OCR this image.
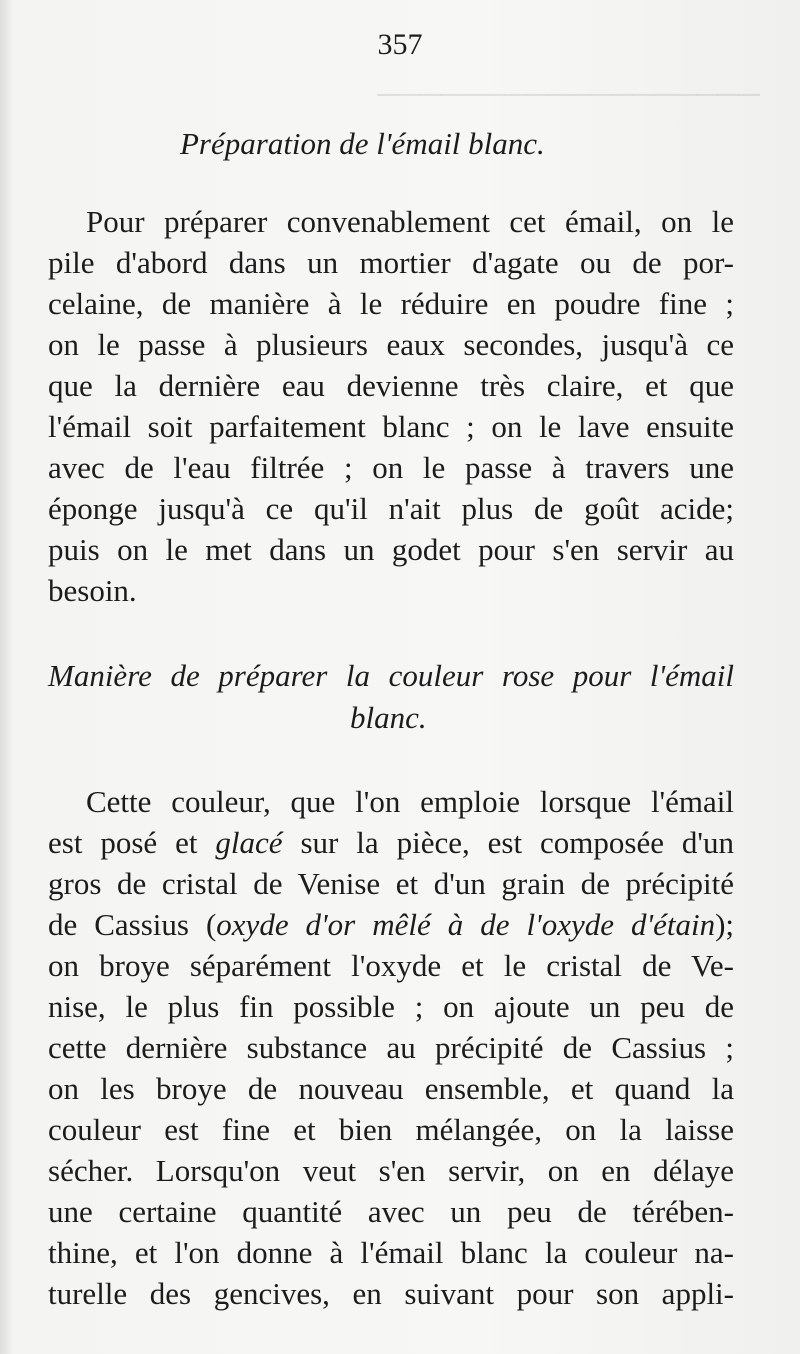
──────────────────
357
Préparation de l'émail blanc.
Pour préparer convenablement cet émail, on le
pile d'abord dans un mortier d'agate ou de por-
celaine, de manière à le réduire en poudre fine ;
on le passe à plusieurs eaux secondes, jusqu'à ce
que la dernière eau devienne très claire, et que
l'émail soit parfaitement blanc ; on le lave ensuite
avec de l'eau filtrée ; on le passe à travers une
éponge jusqu'à ce qu'il n'ait plus de goût acide;
puis on le met dans un godet pour s'en servir au
besoin.
Manière de préparer la couleur rose pour l'émail
blanc.
Cette couleur, que l'on emploie lorsque l'émail
est posé et glacé sur la pièce, est composée d'un
gros de cristal de Venise et d'un grain de précipité
de Cassius (oxyde d'or mêlé à de l'oxyde d'étain);
on broye séparément l'oxyde et le cristal de Ve-
nise, le plus fin possible ; on ajoute un peu de
cette dernière substance au précipité de Cassius ;
on les broye de nouveau ensemble, et quand la
couleur est fine et bien mélangée, on la laisse
sécher. Lorsqu'on veut s'en servir, on en délaye
une certaine quantité avec un peu de térében-
thine, et l'on donne à l'émail blanc la couleur na-
turelle des gencives, en suivant pour son appli-
